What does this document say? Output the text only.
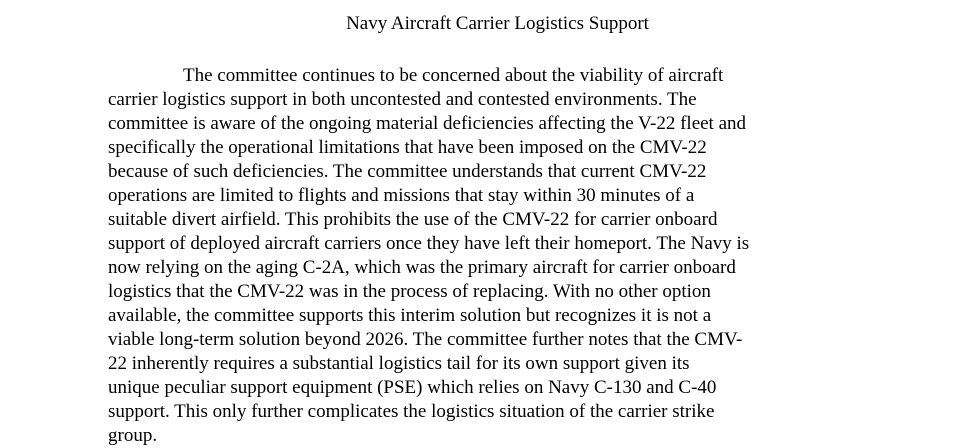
Navy Aircraft Carrier Logistics Support
The committee continues to be concerned about the viability of aircraft
carrier logistics support in both uncontested and contested environments. The
committee is aware of the ongoing material deficiencies affecting the V-22 fleet and
specifically the operational limitations that have been imposed on the CMV-22
because of such deficiencies. The committee understands that current CMV-22
operations are limited to flights and missions that stay within 30 minutes of a
suitable divert airfield. This prohibits the use of the CMV-22 for carrier onboard
support of deployed aircraft carriers once they have left their homeport. The Navy is
now relying on the aging C-2A, which was the primary aircraft for carrier onboard
logistics that the CMV-22 was in the process of replacing. With no other option
available, the committee supports this interim solution but recognizes it is not a
viable long-term solution beyond 2026. The committee further notes that the CMV-
22 inherently requires a substantial logistics tail for its own support given its
unique peculiar support equipment (PSE) which relies on Navy C-130 and C-40
support. This only further complicates the logistics situation of the carrier strike
group.
